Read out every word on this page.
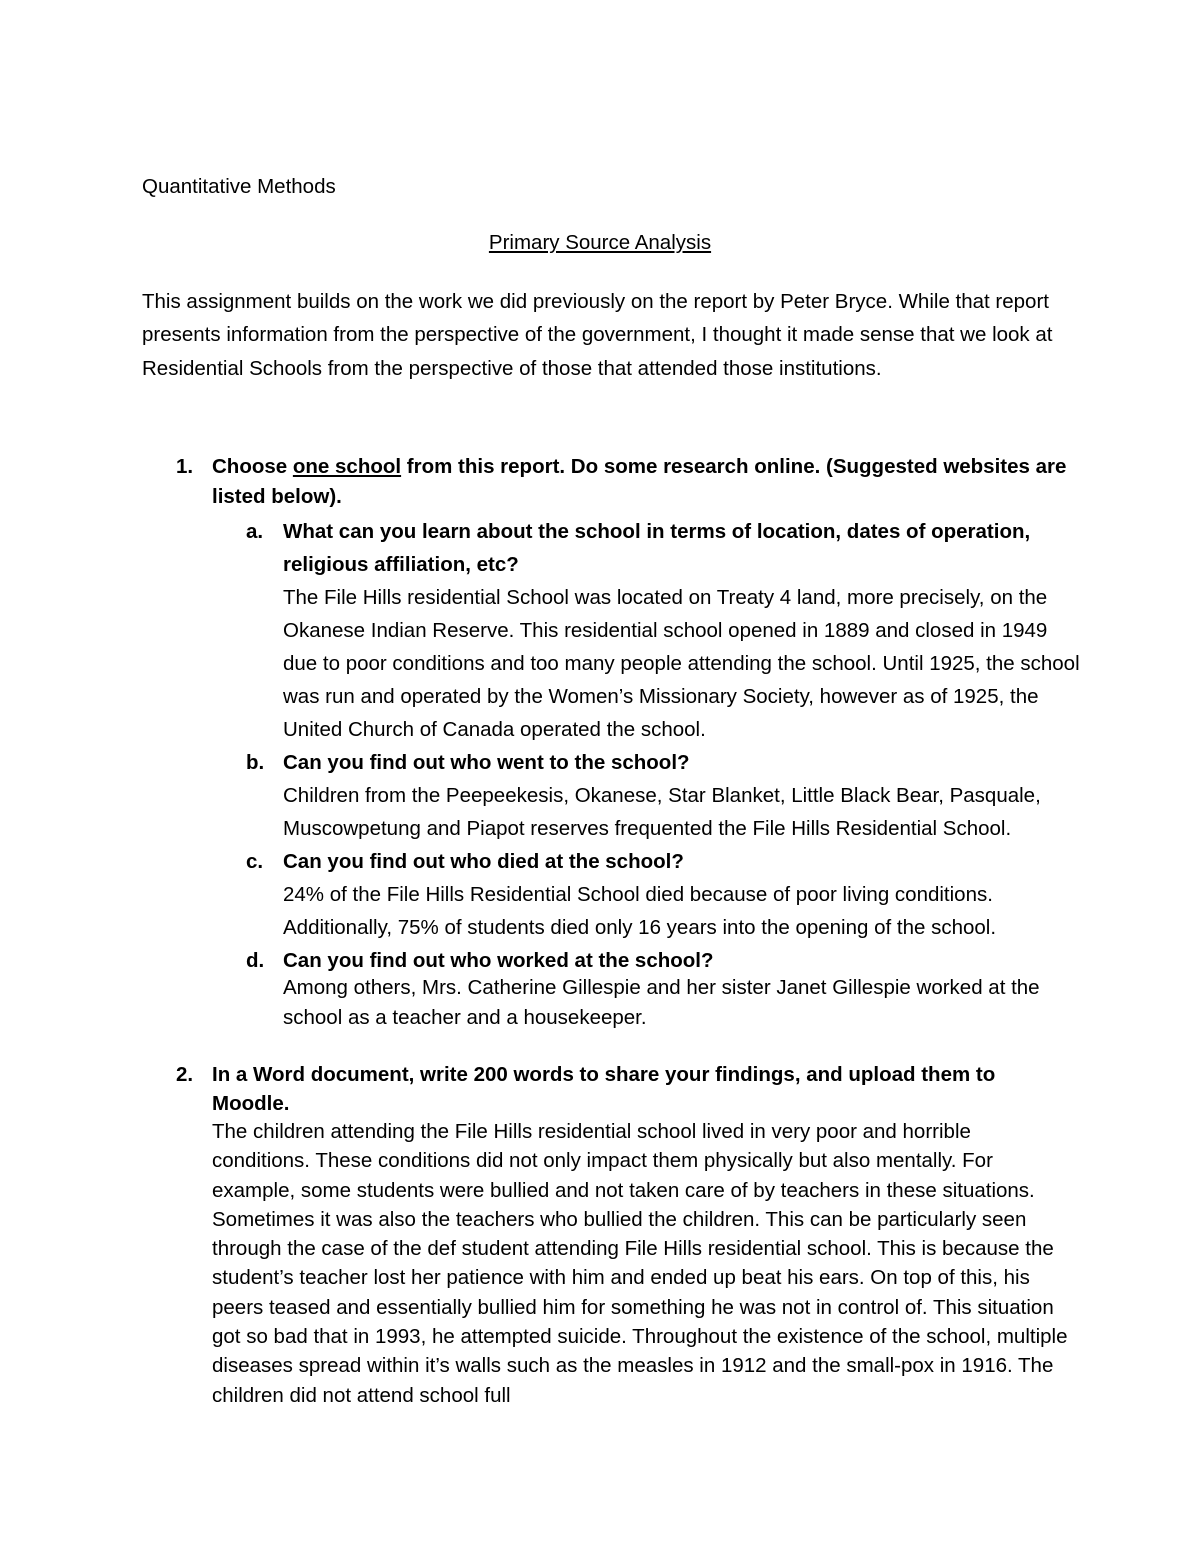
Quantitative Methods
Primary Source Analysis
This assignment builds on the work we did previously on the report by Peter Bryce. While that report presents information from the perspective of the government, I thought it made sense that we look at Residential Schools from the perspective of those that attended those institutions.
1. Choose one school from this report. Do some research online. (Suggested websites are listed below).
a. What can you learn about the school in terms of location, dates of operation, religious affiliation, etc?
The File Hills residential School was located on Treaty 4 land, more precisely, on the Okanese Indian Reserve. This residential school opened in 1889 and closed in 1949 due to poor conditions and too many people attending the school. Until 1925, the school was run and operated by the Women’s Missionary Society, however as of 1925, the United Church of Canada operated the school.
b. Can you find out who went to the school?
Children from the Peepeekesis, Okanese, Star Blanket, Little Black Bear, Pasquale, Muscowpetung and Piapot reserves frequented the File Hills Residential School.
c. Can you find out who died at the school?
24% of the File Hills Residential School died because of poor living conditions. Additionally, 75% of students died only 16 years into the opening of the school.
d. Can you find out who worked at the school?
Among others, Mrs. Catherine Gillespie and her sister Janet Gillespie worked at the school as a teacher and a housekeeper.
2. In a Word document, write 200 words to share your findings, and upload them to Moodle.
The children attending the File Hills residential school lived in very poor and horrible conditions. These conditions did not only impact them physically but also mentally. For example, some students were bullied and not taken care of by teachers in these situations. Sometimes it was also the teachers who bullied the children. This can be particularly seen through the case of the def student attending File Hills residential school. This is because the student’s teacher lost her patience with him and ended up beat his ears. On top of this, his peers teased and essentially bullied him for something he was not in control of. This situation got so bad that in 1993, he attempted suicide. Throughout the existence of the school, multiple diseases spread within it’s walls such as the measles in 1912 and the small-pox in 1916. The children did not attend school full
